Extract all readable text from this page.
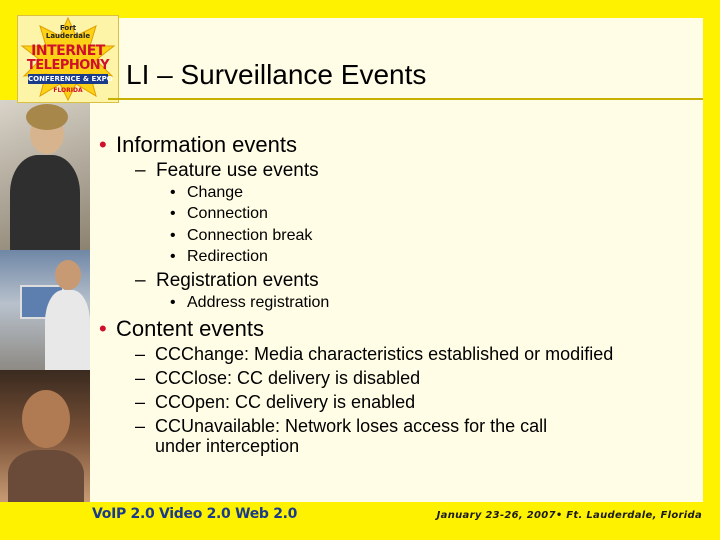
Fort
Lauderdale
INTERNET
TELEPHONY
CONFERENCE & EXPO
FLORIDA
LI – Surveillance Events
• Information events
– Feature use events
• Change
• Connection
• Connection break
• Redirection
– Registration events
• Address registration
• Content events
– CCChange: Media characteristics established or modified
– CCClose: CC delivery is disabled
– CCOpen: CC delivery is enabled
– CCUnavailable: Network loses access for the call
under interception
VoIP 2.0 Video 2.0 Web 2.0	January 23-26, 2007• Ft. Lauderdale, Florida
